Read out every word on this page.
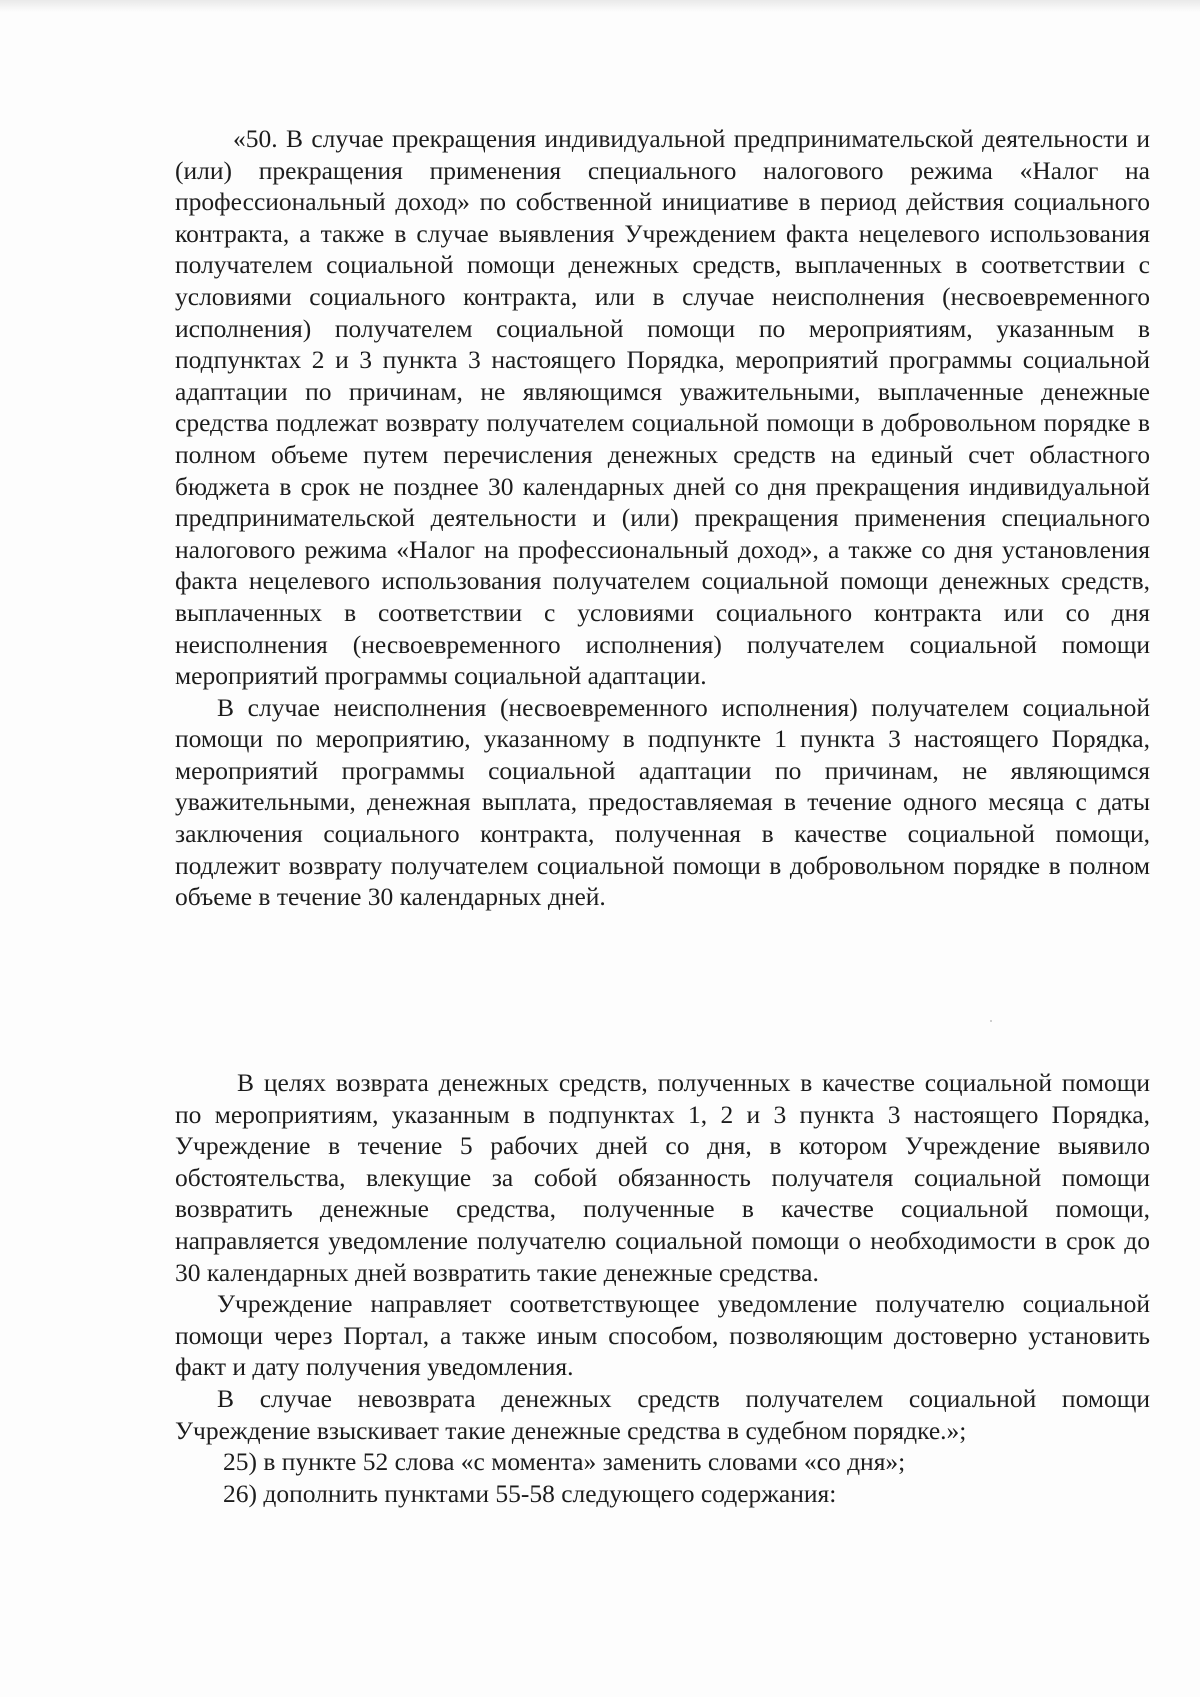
«50. В случае прекращения индивидуальной предпринимательской деятельности и (или) прекращения применения специального налогового режима «Налог на профессиональный доход» по собственной инициативе в период действия социального контракта, а также в случае выявления Учреждением факта нецелевого использования получателем социальной помощи денежных средств, выплаченных в соответствии с условиями социального контракта, или в случае неисполнения (несвоевременного исполнения) получателем социальной помощи по мероприятиям, указанным в подпунктах 2 и 3 пункта 3 настоящего Порядка, мероприятий программы социальной адаптации по причинам, не являющимся уважительными, выплаченные денежные средства подлежат возврату получателем социальной помощи в добровольном порядке в полном объеме путем перечисления денежных средств на единый счет областного бюджета в срок не позднее 30 календарных дней со дня прекращения индивидуальной предпринимательской деятельности и (или) прекращения применения специального налогового режима «Налог на профессиональный доход», а также со дня установления факта нецелевого использования получателем социальной помощи денежных средств, выплаченных в соответствии с условиями социального контракта или со дня неисполнения (несвоевременного исполнения) получателем социальной помощи мероприятий программы социальной адаптации.

В случае неисполнения (несвоевременного исполнения) получателем социальной помощи по мероприятию, указанному в подпункте 1 пункта 3 настоящего Порядка, мероприятий программы социальной адаптации по причинам, не являющимся уважительными, денежная выплата, предоставляемая в течение одного месяца с даты заключения социального контракта, полученная в качестве социальной помощи, подлежит возврату получателем социальной помощи в добровольном порядке в полном объеме в течение 30 календарных дней.

В целях возврата денежных средств, полученных в качестве социальной помощи по мероприятиям, указанным в подпунктах 1, 2 и 3 пункта 3 настоящего Порядка, Учреждение в течение 5 рабочих дней со дня, в котором Учреждение выявило обстоятельства, влекущие за собой обязанность получателя социальной помощи возвратить денежные средства, полученные в качестве социальной помощи, направляется уведомление получателю социальной помощи о необходимости в срок до 30 календарных дней возвратить такие денежные средства.

Учреждение направляет соответствующее уведомление получателю социальной помощи через Портал, а также иным способом, позволяющим достоверно установить факт и дату получения уведомления.

В случае невозврата денежных средств получателем социальной помощи Учреждение взыскивает такие денежные средства в судебном порядке.»;

25) в пункте 52 слова «с момента» заменить словами «со дня»;

26) дополнить пунктами 55-58 следующего содержания:
